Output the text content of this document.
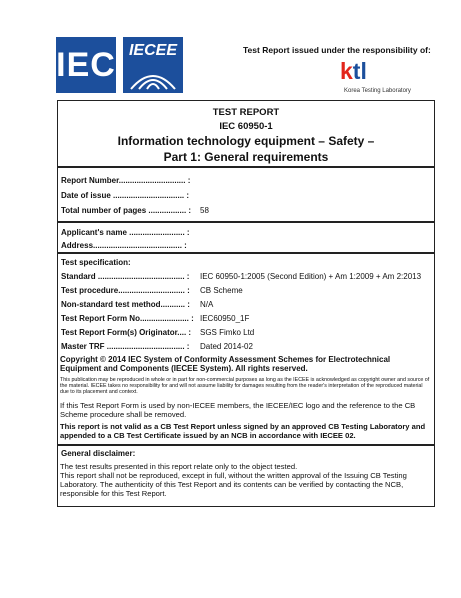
IEC IECEE	Test Report issued under the responsibility of:
ktl
Korea Testing Laboratory
TEST REPORT
IEC 60950-1
Information technology equipment – Safety –
Part 1: General requirements
Report Number.............................. :
Date of issue ................................ :
Total number of pages ................. : 58
Applicant's name ......................... :
Address........................................ :
Test specification:
Standard ....................................... : IEC 60950-1:2005 (Second Edition) + Am 1:2009 + Am 2:2013
Test procedure.............................. : CB Scheme
Non-standard test method........... : N/A
Test Report Form No...................... : IEC60950_1F
Test Report Form(s) Originator.... : SGS Fimko Ltd
Master TRF ................................... : Dated 2014-02
Copyright © 2014 IEC System of Conformity Assessment Schemes for Electrotechnical Equipment and Components (IECEE System). All rights reserved.
This publication may be reproduced in whole or in part for non-commercial purposes as long as the IECEE is acknowledged as copyright owner and source of the material. IECEE takes no responsibility for and will not assume liability for damages resulting from the reader's interpretation of the reproduced material due to its placement and context.
If this Test Report Form is used by non-IECEE members, the IECEE/IEC logo and the reference to the CB Scheme procedure shall be removed.
This report is not valid as a CB Test Report unless signed by an approved CB Testing Laboratory and appended to a CB Test Certificate issued by an NCB in accordance with IECEE 02.
General disclaimer:
The test results presented in this report relate only to the object tested.
This report shall not be reproduced, except in full, without the written approval of the Issuing CB Testing Laboratory. The authenticity of this Test Report and its contents can be verified by contacting the NCB, responsible for this Test Report.
